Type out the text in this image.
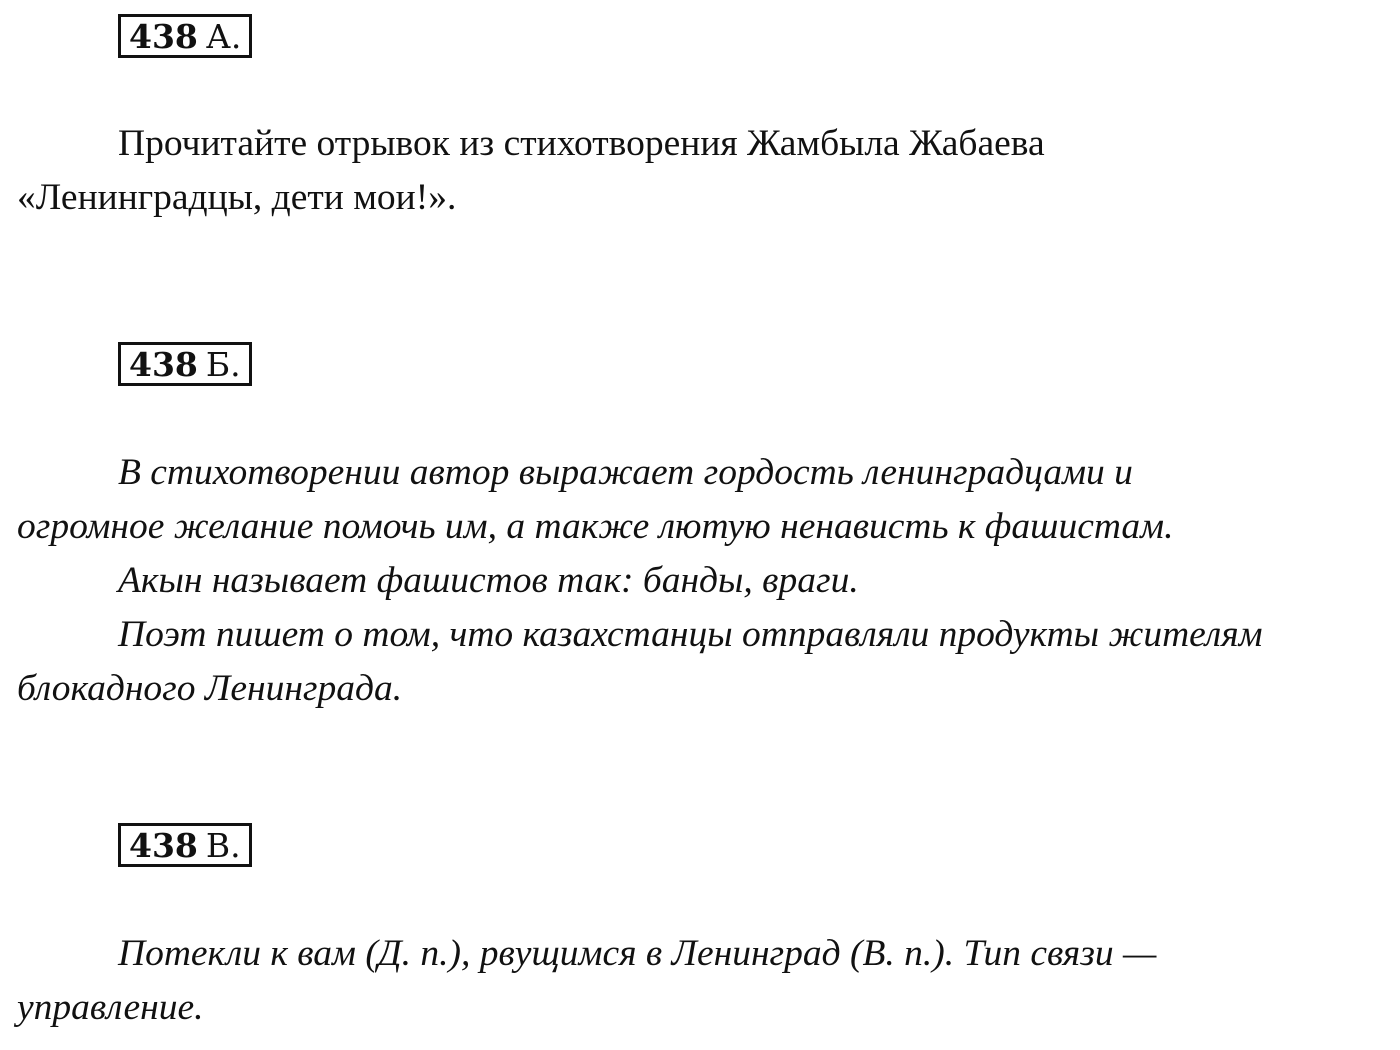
438 А.

Прочитайте отрывок из стихотворения Жамбыла Жабаева
«Ленинградцы, дети мои!».

438 Б.

В стихотворении автор выражает гордость ленинградцами и
огромное желание помочь им, а также лютую ненависть к фашистам.

Акын называет фашистов так: банды, враги.

Поэт пишет о том, что казахстанцы отправляли продукты жителям
блокадного Ленинграда.

438 В.

Потекли к вам (Д. п.), рвущимся в Ленинград (В. п.). Тип связи —
управление.
